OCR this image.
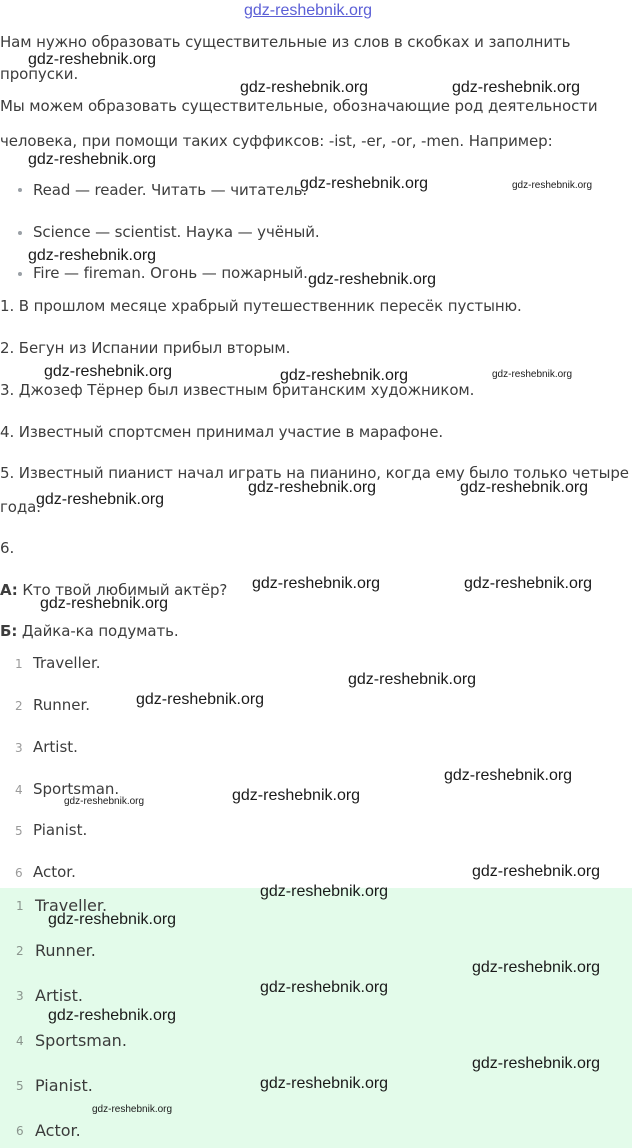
gdz-reshebnik.org
Нам нужно образовать существительные из слов в скобках и заполнить
пропуски.
Мы можем образовать существительные, обозначающие род деятельности
человека, при помощи таких суффиксов: -ist, -er, -or, -men. Например:
Read — reader. Читать — читатель.
Science — scientist. Наука — учёный.
Fire — fireman. Огонь — пожарный.
1. В прошлом месяце храбрый путешественник пересёк пустыню.
2. Бегун из Испании прибыл вторым.
3. Джозеф Тёрнер был известным британским художником.
4. Известный спортсмен принимал участие в марафоне.
5. Известный пианист начал играть на пианино, когда ему было только четыре
года.
6.
A: Кто твой любимый актёр?
Б: Дайка-ка подумать.
1 Traveller.
2 Runner.
3 Artist.
4 Sportsman.
5 Pianist.
6 Actor.
1 Traveller.
2 Runner.
3 Artist.
4 Sportsman.
5 Pianist.
6 Actor.
gdz-reshebnik.org
gdz-reshebnik.org	gdz-reshebnik.org
gdz-reshebnik.org
gdz-reshebnik.org	gdz-reshebnik.org
gdz-reshebnik.org
gdz-reshebnik.org
gdz-reshebnik.org	gdz-reshebnik.org	gdz-reshebnik.org
gdz-reshebnik.org
gdz-reshebnik.org	gdz-reshebnik.org
gdz-reshebnik.org	gdz-reshebnik.org
gdz-reshebnik.org
gdz-reshebnik.org
gdz-reshebnik.org
gdz-reshebnik.org
gdz-reshebnik.org
gdz-reshebnik.org
gdz-reshebnik.org
gdz-reshebnik.org
gdz-reshebnik.org
gdz-reshebnik.org
gdz-reshebnik.org
gdz-reshebnik.org
gdz-reshebnik.org
gdz-reshebnik.org
gdz-reshebnik.org
